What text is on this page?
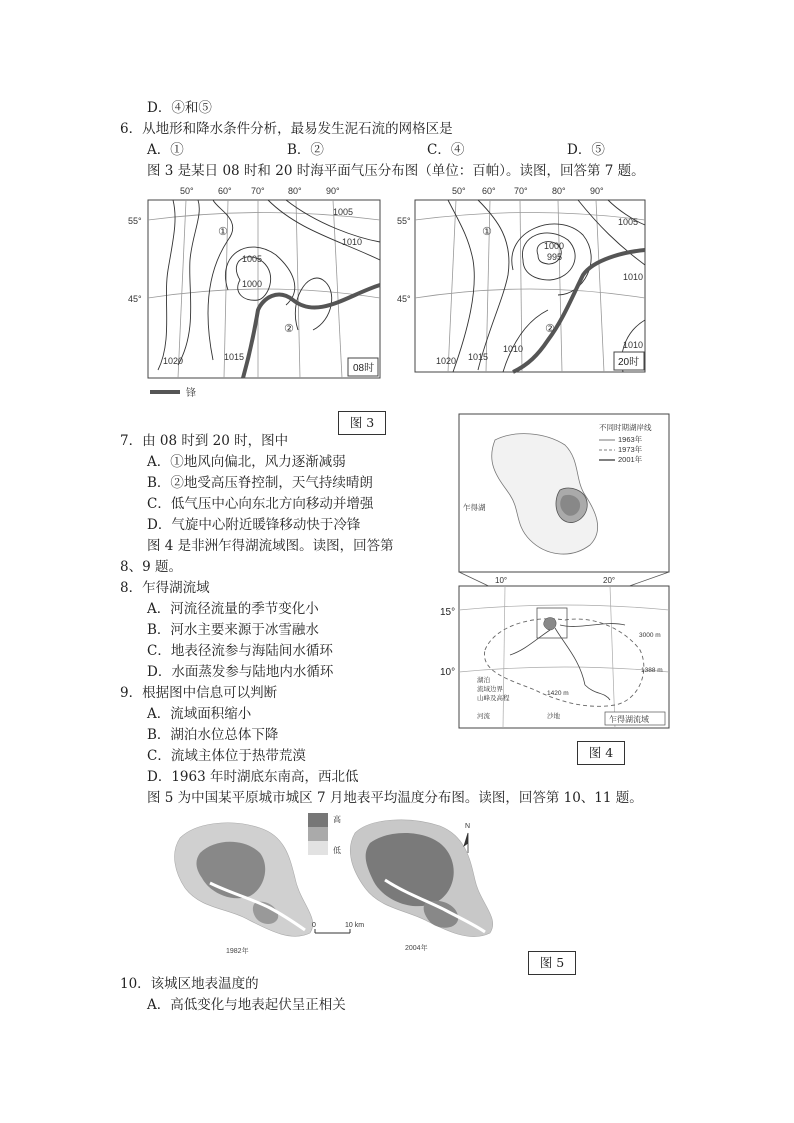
D．④和⑤
6．从地形和降水条件分析，最易发生泥石流的网格区是
A．①	B．②	C．④	D．⑤
图 3 是某日 08 时和 20 时海平面气压分布图（单位：百帕）。读图，回答第 7 题。
50°	60° 70°	80°	90°
55°
45°
1005
1010
1005
1000
1015
1020
①
②
08时
50° 60° 70°	80°	90°
55°
45°
1005
1000
995
1010
1015
1020
1010	1010
①
②
20时
锋
图 3
7．由 08 时到 20 时，图中
A．①地风向偏北，风力逐渐减弱
B．②地受高压脊控制，天气持续晴朗
C．低气压中心向东北方向移动并增强
D．气旋中心附近暖锋移动快于冷锋
图 4 是非洲乍得湖流域图。读图，回答第
8、9 题。
不同时期湖岸线
1963年
1973年
2001年
乍得湖
10°	20°
3000 m
1388 m
1420 m
湖泊
流域边界
山峰及高程
河流	沙地	乍得湖流域
15°
10°
图 4
8．乍得湖流域
A．河流径流量的季节变化小
B．河水主要来源于冰雪融水
C．地表径流参与海陆间水循环
D．水面蒸发参与陆地内水循环
9．根据图中信息可以判断
A．流域面积缩小
B．湖泊水位总体下降
C．流域主体位于热带荒漠
D．1963 年时湖底东南高，西北低
图 5 为中国某平原城市城区 7 月地表平均温度分布图。读图，回答第 10、11 题。
高
低
N
0	10 km
1982年	2004年
图 5
10．该城区地表温度的
A．高低变化与地表起伏呈正相关
